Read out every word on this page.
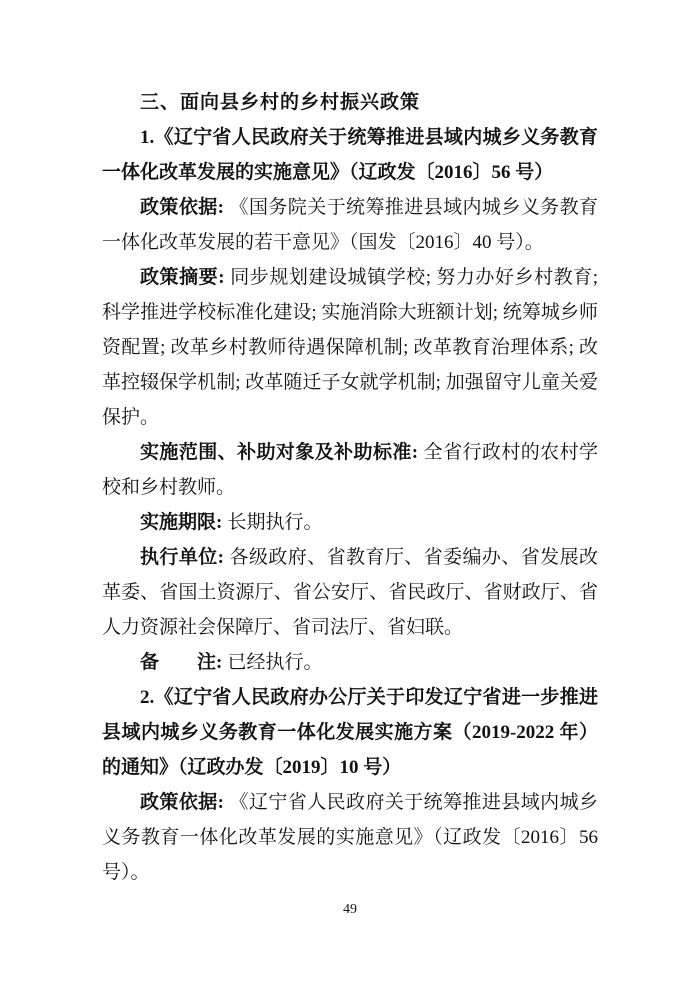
三、面向县乡村的乡村振兴政策

1.《辽宁省人民政府关于统筹推进县域内城乡义务教育一体化改革发展的实施意见》（辽政发〔2016〕56 号）

政策依据: 《国务院关于统筹推进县域内城乡义务教育一体化改革发展的若干意见》（国发〔2016〕40 号）。

政策摘要: 同步规划建设城镇学校; 努力办好乡村教育; 科学推进学校标准化建设; 实施消除大班额计划; 统筹城乡师资配置; 改革乡村教师待遇保障机制; 改革教育治理体系; 改革控辍保学机制; 改革随迁子女就学机制; 加强留守儿童关爱保护。

实施范围、补助对象及补助标准: 全省行政村的农村学校和乡村教师。

实施期限: 长期执行。

执行单位: 各级政府、省教育厅、省委编办、省发展改革委、省国土资源厅、省公安厅、省民政厅、省财政厅、省人力资源社会保障厅、省司法厅、省妇联。

备　　注: 已经执行。

2.《辽宁省人民政府办公厅关于印发辽宁省进一步推进县域内城乡义务教育一体化发展实施方案（2019-2022 年）的通知》（辽政办发〔2019〕10 号）

政策依据: 《辽宁省人民政府关于统筹推进县域内城乡义务教育一体化改革发展的实施意见》（辽政发〔2016〕56 号）。

49
